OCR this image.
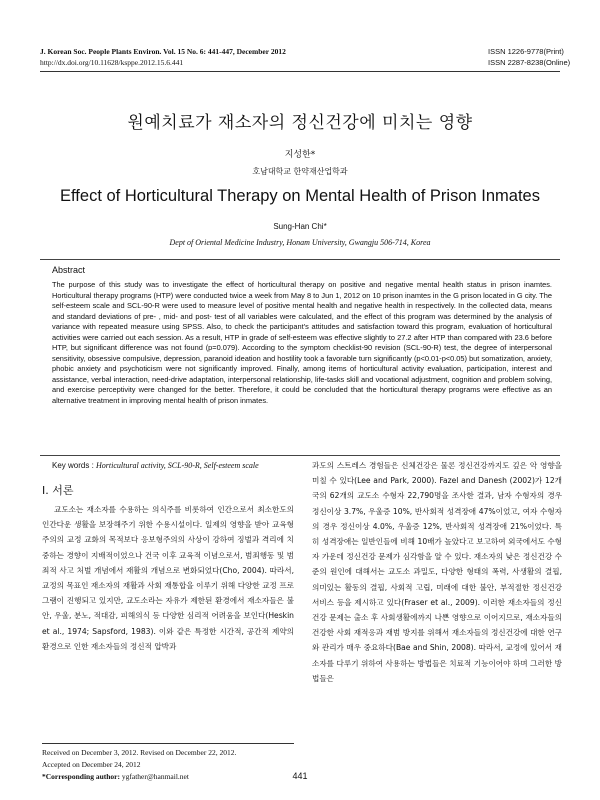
J. Korean Soc. People Plants Environ. Vol. 15 No. 6: 441-447, December 2012
http://dx.doi.org/10.11628/ksppe.2012.15.6.441
ISSN 1226-9778(Print)
ISSN 2287-8238(Online)
원예치료가 재소자의 정신건강에 미치는 영향
지성한*
호남대학교 한약재산업학과
Effect of Horticultural Therapy on Mental Health of Prison Inmates
Sung-Han Chi*
Dept of Oriental Medicine Industry, Honam University, Gwangju 506-714, Korea
Abstract

The purpose of this study was to investigate the effect of horticultural therapy on positive and negative mental health status in prison inamtes. Horticultural therapy programs (HTP) were conducted twice a week from May 8 to Jun 1, 2012 on 10 prison inamtes in the G prison located in G city. The self-esteem scale and SCL-90-R were used to measure level of positive mental health and negative health in respectively. In the collected data, means and standard deviations of pre- , mid- and post- test of all variables were calculated, and the effect of this program was determined by the analysis of variance with repeated measure using SPSS. Also, to check the participant's attitudes and satisfaction toward this program, evaluation of horticultural activities were carried out each session. As a result, HTP in grade of self-esteem was effective slightly to 27.2 after HTP than compared with 23.6 before HTP, but significant difference was not found (p=0.079). According to the symptom checklist-90 revision (SCL-90-R) test, the degree of interpersonal sensitivity, obsessive compulsive, depression, paranoid ideation and hostility took a favorable turn significantly (p<0.01-p<0.05) but somatization, anxiety, phobic anxiety and psychoticism were not significantly improved. Finally, among items of horticultural activity evaluation, participation, interest and assistance, verbal interaction, need-drive adaptation, interpersonal relationship, life-tasks skill and vocational adjustment, cognition and problem solving, and exercise perceptivity were changed for the better. Therefore, it could be concluded that the horticultural therapy programs were effective as an alternative treatment in improving mental health of prison inmates.

Key words : Horticultural activity, SCL-90-R, Self-esteem scale
Ⅰ. 서론

교도소는 재소자를 수용하는 의식주를 비롯하여 인간으로서 최소한도의 인간다운 생활을 보장해주기 위한 수용시설이다. 일제의 영향을 받아 교육형주의의 교정 교화의 목적보다 응보형주의의 사상이 강하여 징벌과 격리에 치중하는 경향이 지배적이었으나 건국 이후 교육적 이념으로서, 범죄행동 및 범죄적 사고 처벌 개념에서 재활의 개념으로 변화되었다(Cho, 2004). 따라서, 교정의 목표인 재소자의 재활과 사회 재통합을 이루기 위해 다양한 교정 프로그램이 진행되고 있지만, 교도소라는 자유가 제한된 환경에서 재소자들은 불안, 우울, 분노, 적대감, 피해의식 등 다양한 심리적 어려움을 보인다(Heskin et al., 1974; Sapsford, 1983). 이와 같은 특정한 시간적, 공간적 제약의 환경으로 인한 재소자들의 정신적 압박과

과도의 스트레스 경험들은 신체건강은 물론 정신건강까지도 깊은 악 영향을 미칠 수 있다(Lee and Park, 2000). Fazel and Danesh (2002)가 12개국의 62개의 교도소 수형자 22,790명을 조사한 결과, 남자 수형자의 경우 정신이상 3.7%, 우울증 10%, 반사회적 성격장애 47%이었고, 여자 수형자의 경우 정신이상 4.0%, 우울증 12%, 반사회적 성격장애 21%이었다. 특히 성격장애는 일반인들에 비해 10배가 높았다고 보고하여 외국에서도 수형자 가운데 정신건강 문제가 심각함을 알 수 있다. 재소자의 낮은 정신건강 수준의 원인에 대해서는 교도소 과밀도, 다양한 형태의 폭력, 사생활의 결핍, 의미있는 활동의 결핍, 사회적 고립, 미래에 대한 불안, 부적절한 정신건강 서비스 등을 제시하고 있다(Fraser et al., 2009). 이러한 재소자들의 정신건강 문제는 출소 후 사회생활에까지 나쁜 영향으로 이어지므로, 재소자들의 건강한 사회 재적응과 재범 방지를 위해서 재소자들의 정신건강에 대한 연구와 관리가 매우 중요하다(Bae and Shin, 2008). 따라서, 교정에 있어서 재소자를 다루기 위하여 사용하는 방법들은 치료적 기능이어야 하며 그러한 방법들은

Received on December 3, 2012. Revised on December 22, 2012.
Accepted on December 24, 2012
*Corresponding author: ygfather@hanmail.net	441
